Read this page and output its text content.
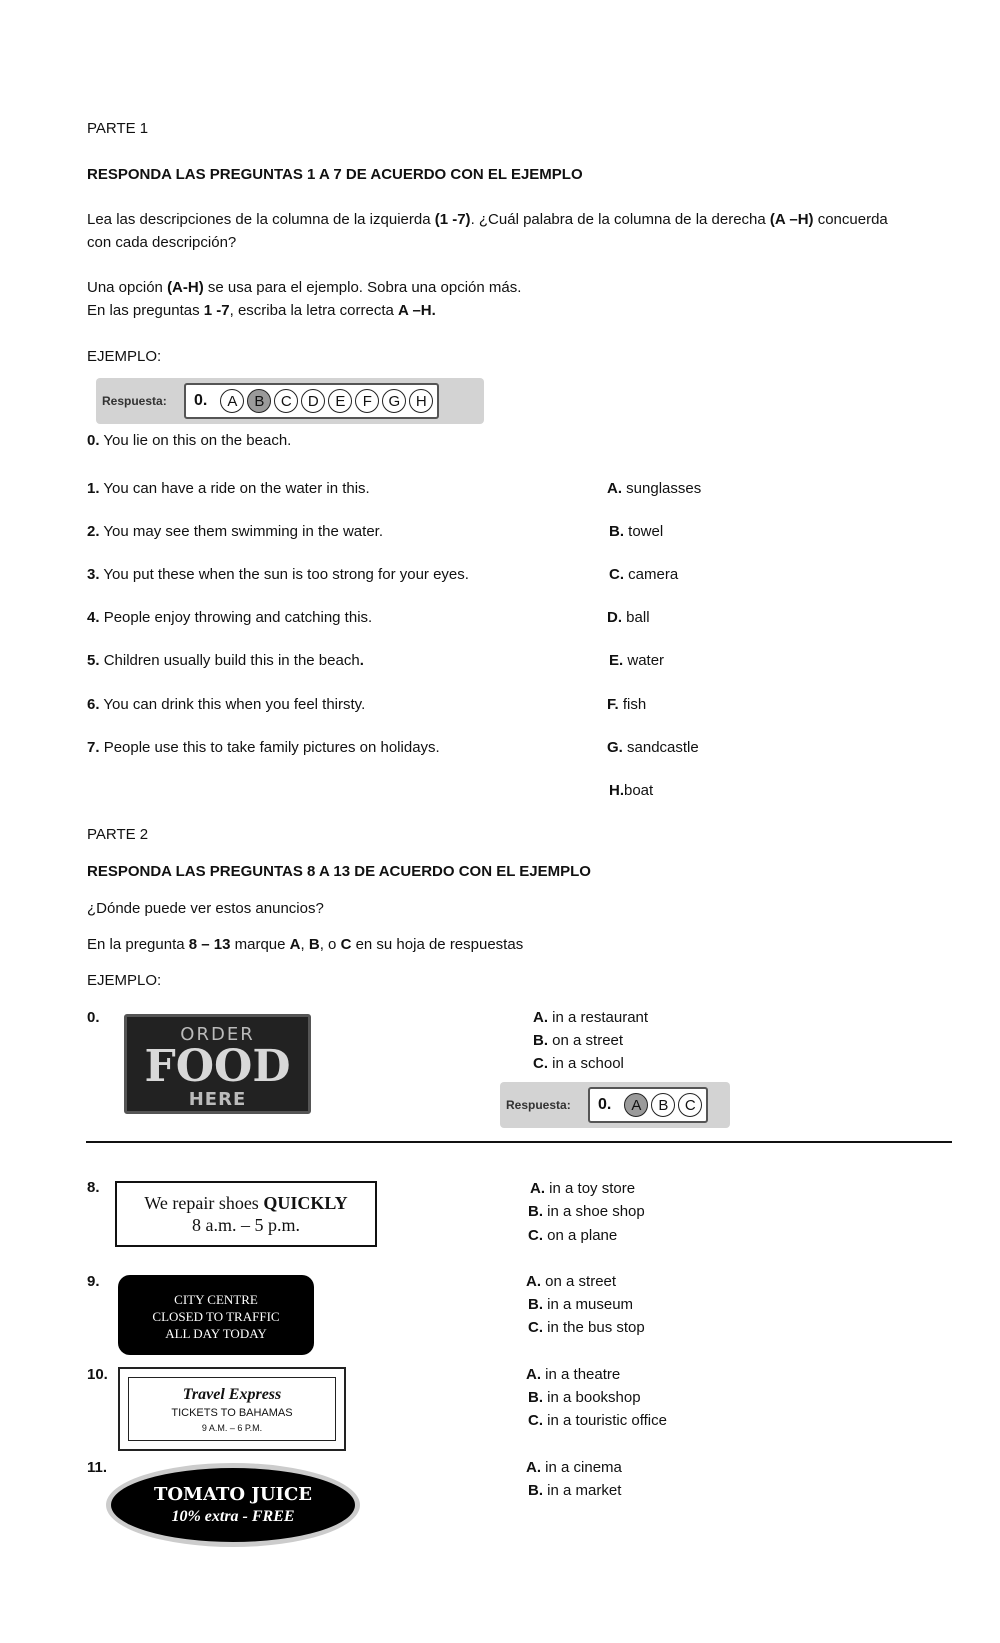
PARTE 1
RESPONDA LAS PREGUNTAS 1 A 7 DE ACUERDO CON EL EJEMPLO
Lea las descripciones de la columna de la izquierda (1 -7). ¿Cuál palabra de la columna de la derecha (A –H) concuerda
con cada descripción?
Una opción (A-H) se usa para el ejemplo. Sobra una opción más.
En las preguntas 1 -7, escriba la letra correcta A –H.
EJEMPLO:
Respuesta:	0.	A	B	C	D	E	F	G	H
0. You lie on this on the beach.
1. You can have a ride on the water in this.
2. You may see them swimming in the water.
3. You put these when the sun is too strong for your eyes.
4. People enjoy throwing and catching this.
5. Children usually build this in the beach.
6. You can drink this when you feel thirsty.
7. People use this to take family pictures on holidays.
A. sunglasses
B. towel
C. camera
D. ball
E. water
F. fish
G. sandcastle
H.boat
PARTE 2
RESPONDA LAS PREGUNTAS 8 A 13 DE ACUERDO CON EL EJEMPLO
¿Dónde puede ver estos anuncios?
En la pregunta 8 – 13 marque A, B, o C en su hoja de respuestas
EJEMPLO:
0.
ORDER
FOOD
HERE
A. in a restaurant
B. on a street
C. in a school
Respuesta:	0.	A	B	C
8.
We repair shoes QUICKLY
8 a.m. – 5 p.m.
A. in a toy store
B. in a shoe shop
C. on a plane
9.
CITY CENTRE
CLOSED TO TRAFFIC
ALL DAY TODAY
A. on a street
B. in a museum
C. in the bus stop
10.
Travel Express
TICKETS TO BAHAMAS
9 A.M. – 6 P.M.
A. in a theatre
B. in a bookshop
C. in a touristic office
11.
TOMATO JUICE
10% extra - FREE
A. in a cinema
B. in a market
